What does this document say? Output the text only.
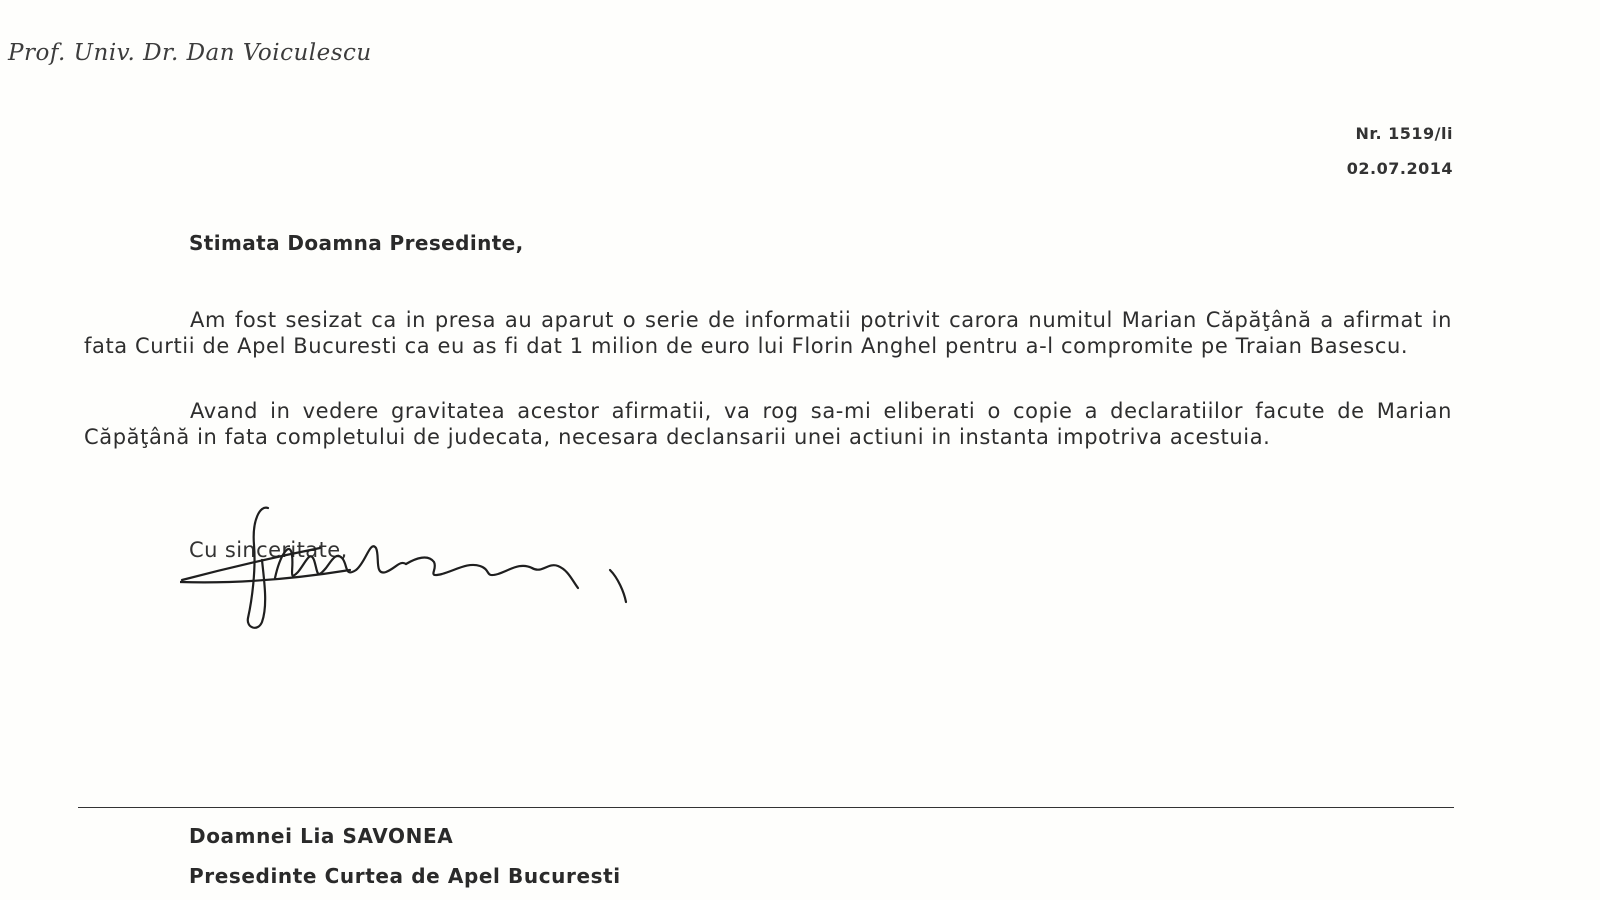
Prof. Univ. Dr. Dan Voiculescu
Nr. 1519/li
02.07.2014
Stimata Doamna Presedinte,

Am fost sesizat ca in presa au aparut o serie de informatii potrivit carora numitul Marian Căpăţână a afirmat in fata Curtii de Apel Bucuresti ca eu as fi dat 1 milion de euro lui Florin Anghel pentru a-l compromite pe Traian Basescu.

Avand in vedere gravitatea acestor afirmatii, va rog sa-mi eliberati o copie a declaratiilor facute de Marian Căpăţână in fata completului de judecata, necesara declansarii unei actiuni in instanta impotriva acestuia.

Cu sinceritate,
Doamnei Lia SAVONEA
Presedinte Curtea de Apel Bucuresti
